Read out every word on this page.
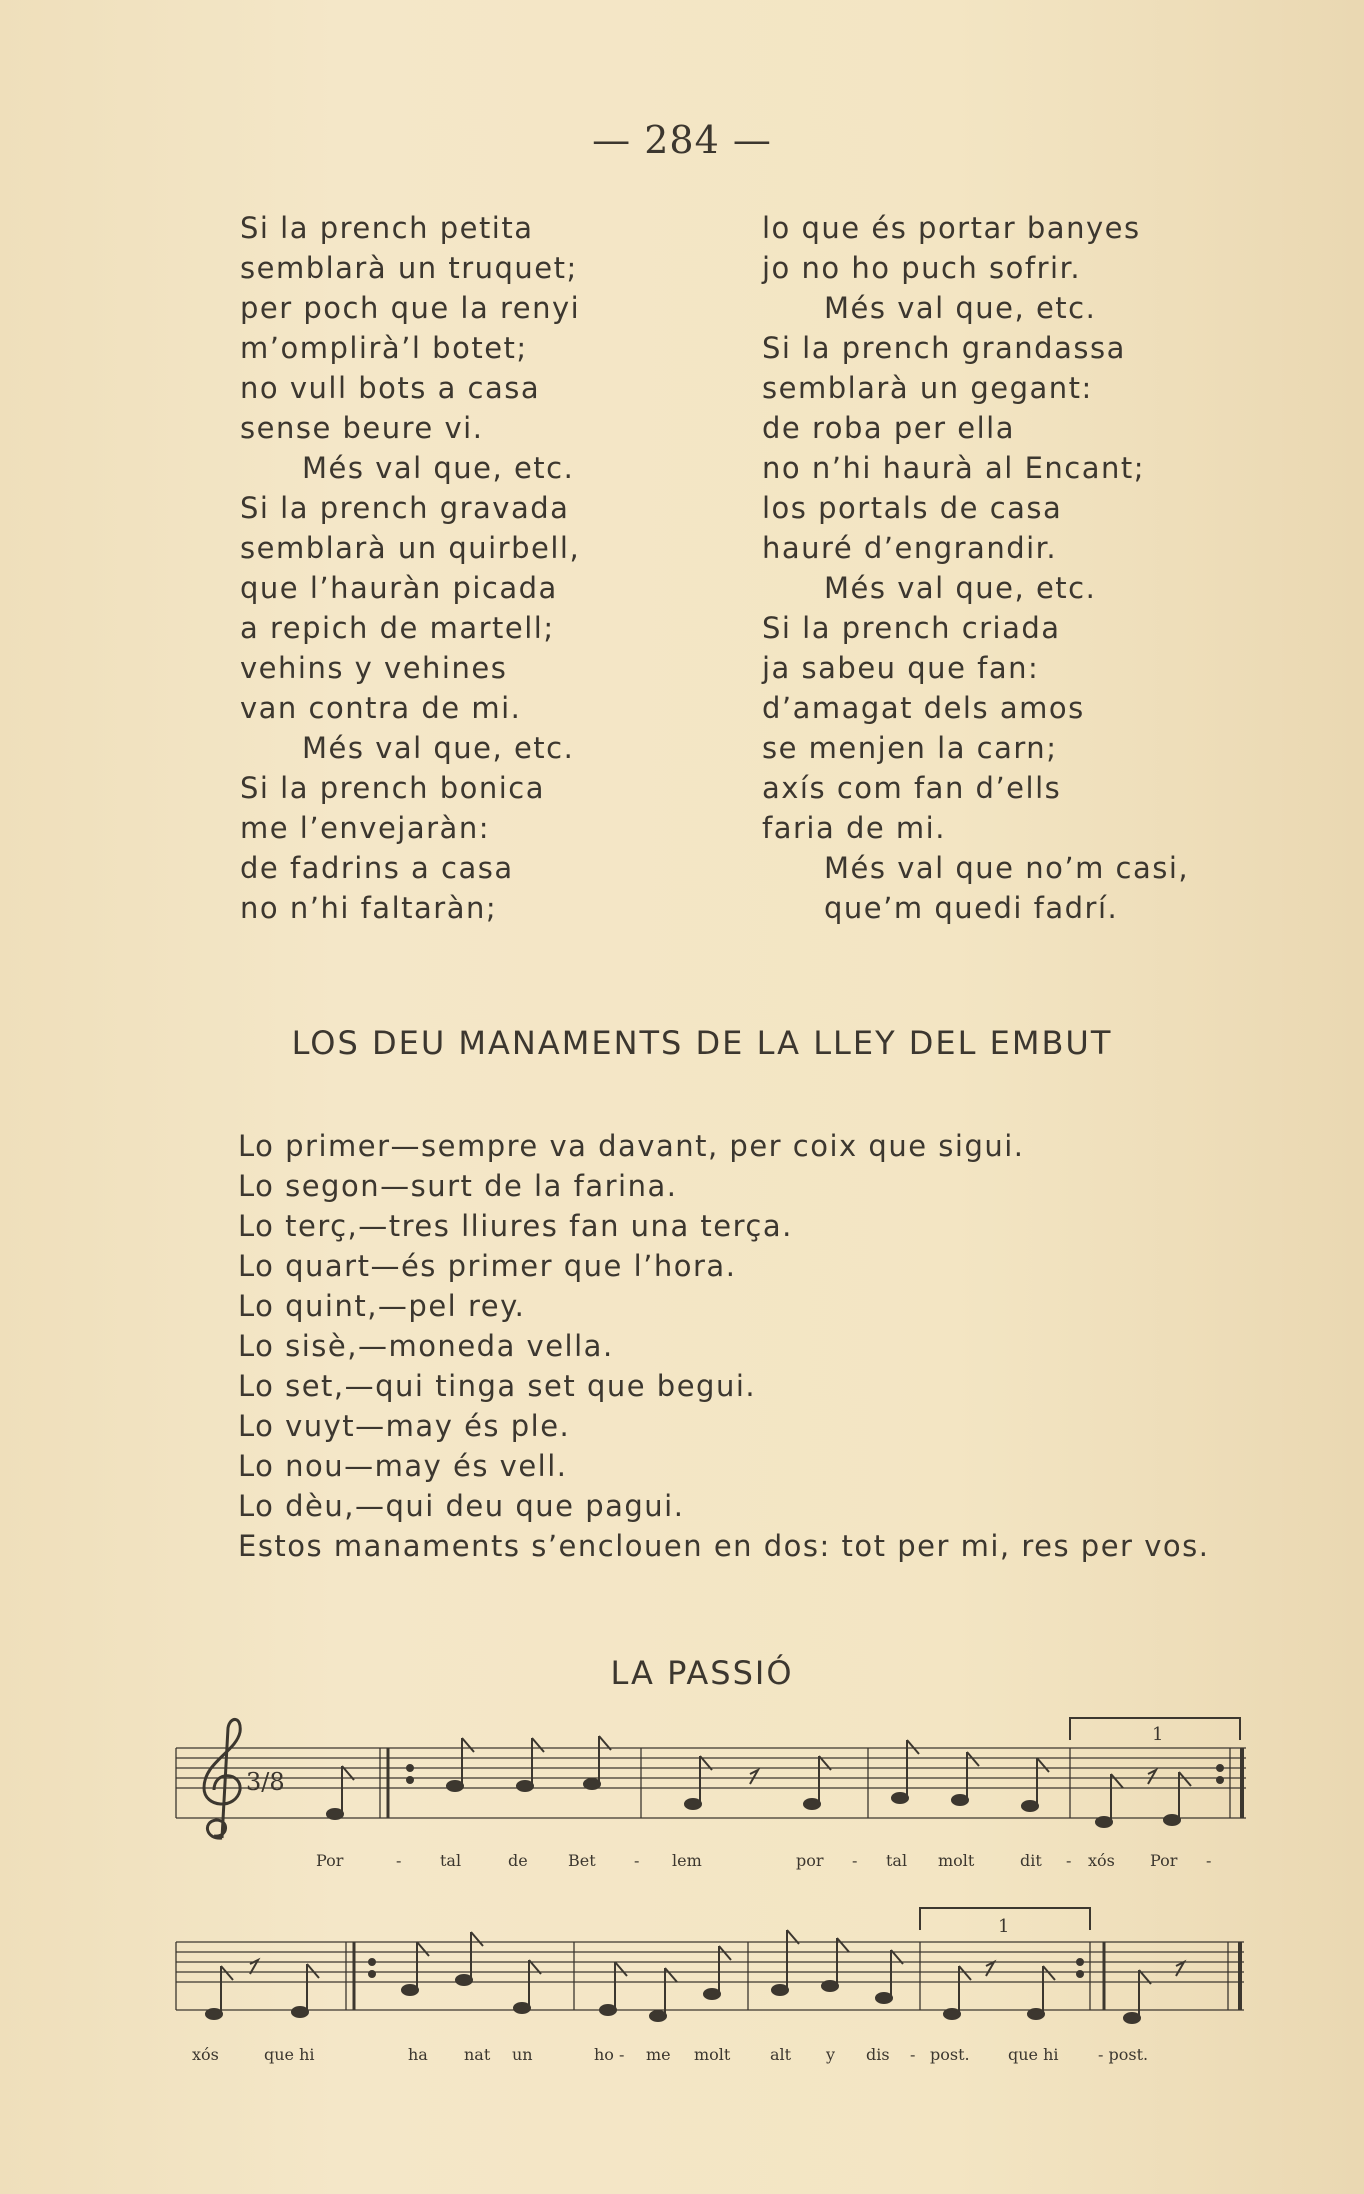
— 284 —
Si la prench petita
semblarà un truquet;
per poch que la renyi
m’omplirà’l botet;
no vull bots a casa
sense beure vi.
Més val que, etc.
Si la prench gravada
semblarà un quirbell,
que l’hauràn picada
a repich de martell;
vehins y vehines
van contra de mi.
Més val que, etc.
Si la prench bonica
me l’envejaràn:
de fadrins a casa
no n’hi faltaràn;
lo que és portar banyes
jo no ho puch sofrir.
Més val que, etc.
Si la prench grandassa
semblarà un gegant:
de roba per ella
no n’hi haurà al Encant;
los portals de casa
hauré d’engrandir.
Més val que, etc.
Si la prench criada
ja sabeu que fan:
d’amagat dels amos
se menjen la carn;
axís com fan d’ells
faria de mi.
Més val que no’m casi,
que’m quedi fadrí.
LOS DEU MANAMENTS DE LA LLEY DEL EMBUT
Lo primer—sempre va davant, per coix que sigui.
Lo segon—surt de la farina.
Lo terç,—tres lliures fan una terça.
Lo quart—és primer que l’hora.
Lo quint,—pel rey.
Lo sisè,—moneda vella.
Lo set,—qui tinga set que begui.
Lo vuyt—may és ple.
Lo nou—may és vell.
Lo dèu,—qui deu que pagui.
Estos manaments s’enclouen en dos: tot per mi, res per vos.
LA PASSIÓ
3/8
1
1
Por	- tal	de	Bet - lem	por - tal molt	dit - xós Por -
xós	que hi	ha nat un	ho - me molt alt y dis - post. que hi - post.
